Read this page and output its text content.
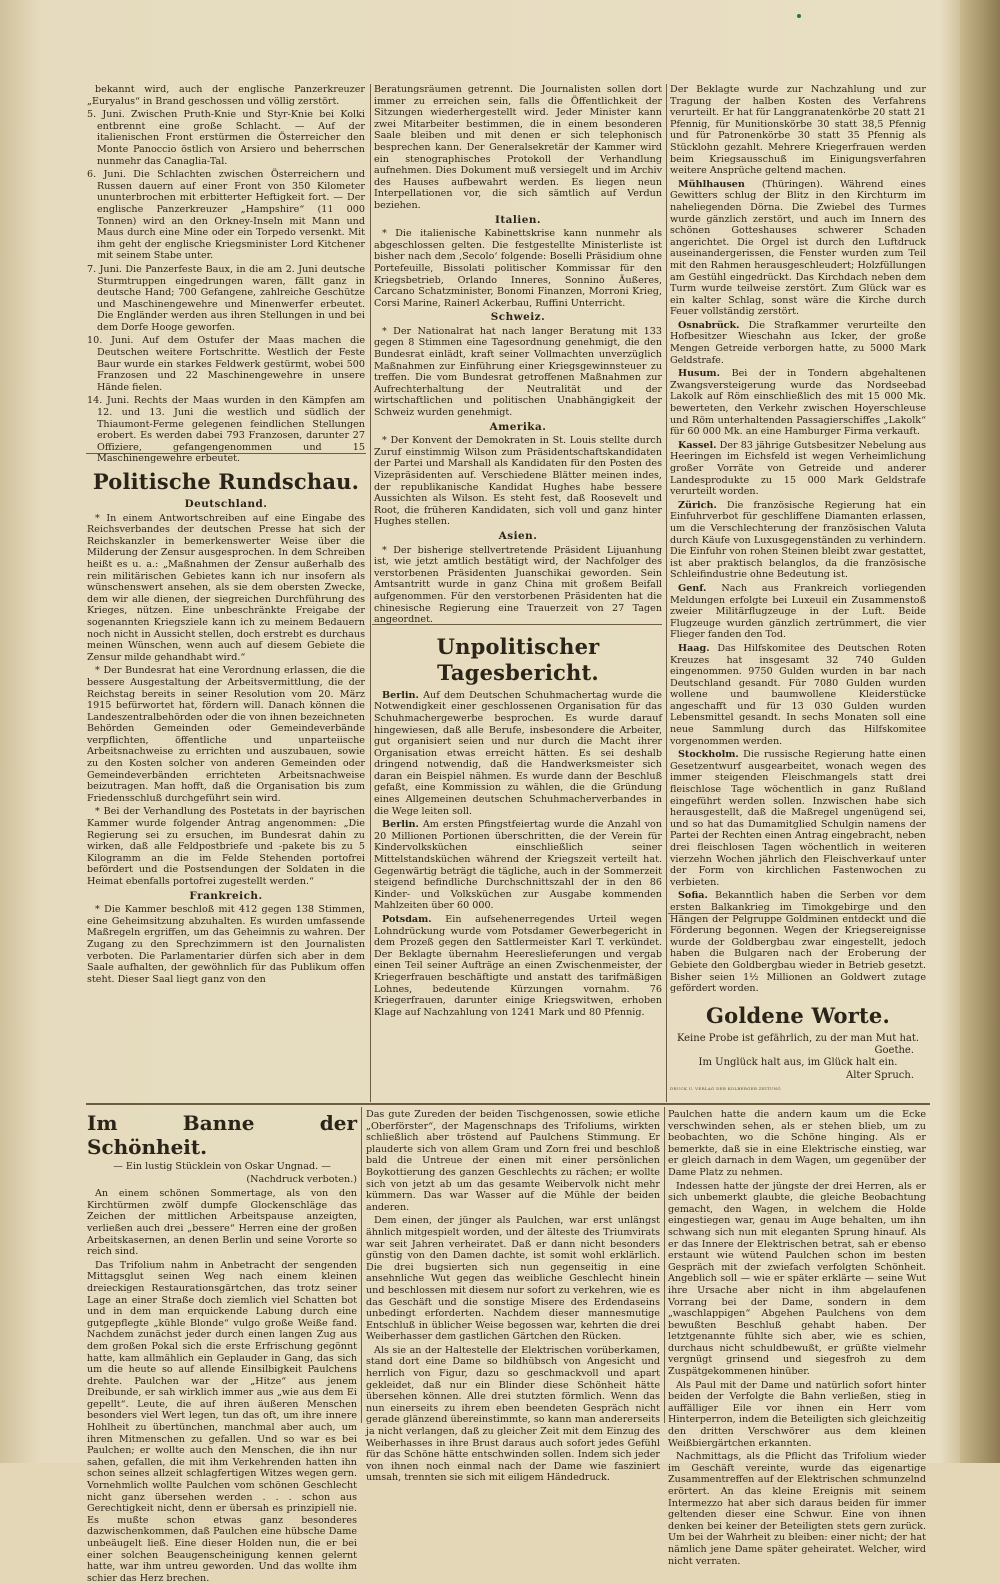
bekannt wird, auch der englische Panzerkreuzer „Euryalus“ in Brand geschossen und völlig zerstört.

5. Juni. Zwischen Pruth-Knie und Styr-Knie bei Kolki entbrennt eine große Schlacht. — Auf der italienischen Front erstürmen die Österreicher den Monte Panoccio östlich von Arsiero und beherrschen nunmehr das Canaglia-Tal.

6. Juni. Die Schlachten zwischen Österreichern und Russen dauern auf einer Front von 350 Kilometer ununterbrochen mit erbitterter Heftigkeit fort. — Der englische Panzerkreuzer „Hampshire“ (11 000 Tonnen) wird an den Orkney-Inseln mit Mann und Maus durch eine Mine oder ein Torpedo versenkt. Mit ihm geht der englische Kriegsminister Lord Kitchener mit seinem Stabe unter.

7. Juni. Die Panzerfeste Baux, in die am 2. Juni deutsche Sturmtruppen eingedrungen waren, fällt ganz in deutsche Hand; 700 Gefangene, zahlreiche Geschütze und Maschinengewehre und Minenwerfer erbeutet. Die Engländer werden aus ihren Stellungen in und bei dem Dorfe Hooge geworfen.

10. Juni. Auf dem Ostufer der Maas machen die Deutschen weitere Fortschritte. Westlich der Feste Baur wurde ein starkes Feldwerk gestürmt, wobei 500 Franzosen und 22 Maschinengewehre in unsere Hände fielen.

14. Juni. Rechts der Maas wurden in den Kämpfen am 12. und 13. Juni die westlich und südlich der Thiaumont-Ferme gelegenen feindlichen Stellungen erobert. Es werden dabei 793 Franzosen, darunter 27 Offiziere, gefangengenommen und 15 Maschinengewehre erbeutet.

Politische Rundschau.
Deutschland.

* In einem Antwortschreiben auf eine Eingabe des Reichsverbandes der deutschen Presse hat sich der Reichskanzler in bemerkenswerter Weise über die Milderung der Zensur ausgesprochen. In dem Schreiben heißt es u. a.: „Maßnahmen der Zensur außerhalb des rein militärischen Gebietes kann ich nur insofern als wünschenswert ansehen, als sie dem obersten Zwecke, dem wir alle dienen, der siegreichen Durchführung des Krieges, nützen. Eine unbeschränkte Freigabe der sogenannten Kriegsziele kann ich zu meinem Bedauern noch nicht in Aussicht stellen, doch erstrebt es durchaus meinen Wünschen, wenn auch auf diesem Gebiete die Zensur milde gehandhabt wird.“

* Der Bundesrat hat eine Verordnung erlassen, die die bessere Ausgestaltung der Arbeitsvermittlung, die der Reichstag bereits in seiner Resolution vom 20. März 1915 befürwortet hat, fördern will. Danach können die Landeszentralbehörden oder die von ihnen bezeichneten Behörden Gemeinden oder Gemeindeverbände verpflichten, öffentliche und unparteiische Arbeitsnachweise zu errichten und auszubauen, sowie zu den Kosten solcher von anderen Gemeinden oder Gemeindeverbänden errichteten Arbeitsnachweise beizutragen. Man hofft, daß die Organisation bis zum Friedensschluß durchgeführt sein wird.

* Bei der Verhandlung des Postetats in der bayrischen Kammer wurde folgender Antrag angenommen: „Die Regierung sei zu ersuchen, im Bundesrat dahin zu wirken, daß alle Feldpostbriefe und -pakete bis zu 5 Kilogramm an die im Felde Stehenden portofrei befördert und die Postsendungen der Soldaten in die Heimat ebenfalls portofrei zugestellt werden.“

Frankreich.

* Die Kammer beschloß mit 412 gegen 138 Stimmen, eine Geheimsitzung abzuhalten. Es wurden umfassende Maßregeln ergriffen, um das Geheimnis zu wahren. Der Zugang zu den Sprechzimmern ist den Journalisten verboten. Die Parlamentarier dürfen sich aber in dem Saale aufhalten, der gewöhnlich für das Publikum offen steht. Dieser Saal liegt ganz von den

Beratungsräumen getrennt. Die Journalisten sollen dort immer zu erreichen sein, falls die Öffentlichkeit der Sitzungen wiederhergestellt wird. Jeder Minister kann zwei Mitarbeiter bestimmen, die in einem besonderen Saale bleiben und mit denen er sich telephonisch besprechen kann. Der Generalsekretär der Kammer wird ein stenographisches Protokoll der Verhandlung aufnehmen. Dies Dokument muß versiegelt und im Archiv des Hauses aufbewahrt werden. Es liegen neun Interpellationen vor, die sich sämtlich auf Verdun beziehen.

Italien.

* Die italienische Kabinettskrise kann nunmehr als abgeschlossen gelten. Die festgestellte Ministerliste ist bisher nach dem ‚Secolo‘ folgende: Boselli Präsidium ohne Portefeuille, Bissolati politischer Kommissar für den Kriegsbetrieb, Orlando Inneres, Sonnino Äußeres, Carcano Schatzminister, Bonomi Finanzen, Morroni Krieg, Corsi Marine, Rainerl Ackerbau, Ruffini Unterricht.

Schweiz.

* Der Nationalrat hat nach langer Beratung mit 133 gegen 8 Stimmen eine Tagesordnung genehmigt, die den Bundesrat einlädt, kraft seiner Vollmachten unverzüglich Maßnahmen zur Einführung einer Kriegsgewinnsteuer zu treffen. Die vom Bundesrat getroffenen Maßnahmen zur Aufrechterhaltung der Neutralität und der wirtschaftlichen und politischen Unabhängigkeit der Schweiz wurden genehmigt.

Amerika.

* Der Konvent der Demokraten in St. Louis stellte durch Zuruf einstimmig Wilson zum Präsidentschaftskandidaten der Partei und Marshall als Kandidaten für den Posten des Vizepräsidenten auf. Verschiedene Blätter meinen indes, der republikanische Kandidat Hughes habe bessere Aussichten als Wilson. Es steht fest, daß Roosevelt und Root, die früheren Kandidaten, sich voll und ganz hinter Hughes stellen.

Asien.

* Der bisherige stellvertretende Präsident Lijuanhung ist, wie jetzt amtlich bestätigt wird, der Nachfolger des verstorbenen Präsidenten Juanschikai geworden. Sein Amtsantritt wurde in ganz China mit großem Beifall aufgenommen. Für den verstorbenen Präsidenten hat die chinesische Regierung eine Trauerzeit von 27 Tagen angeordnet.

Unpolitischer Tagesbericht.

Berlin. Auf dem Deutschen Schuhmachertag wurde die Notwendigkeit einer geschlossenen Organisation für das Schuhmachergewerbe besprochen. Es wurde darauf hingewiesen, daß alle Berufe, insbesondere die Arbeiter, gut organisiert seien und nur durch die Macht ihrer Organisation etwas erreicht hätten. Es sei deshalb dringend notwendig, daß die Handwerksmeister sich daran ein Beispiel nähmen. Es wurde dann der Beschluß gefaßt, eine Kommission zu wählen, die die Gründung eines Allgemeinen deutschen Schuhmacherverbandes in die Wege leiten soll.

Berlin. Am ersten Pfingstfeiertag wurde die Anzahl von 20 Millionen Portionen überschritten, die der Verein für Kindervolksküchen einschließlich seiner Mittelstandsküchen während der Kriegszeit verteilt hat. Gegenwärtig beträgt die tägliche, auch in der Sommerzeit steigend befindliche Durchschnittszahl der in den 86 Kinder- und Volksküchen zur Ausgabe kommenden Mahlzeiten über 60 000.

Potsdam. Ein aufsehenerregendes Urteil wegen Lohndrückung wurde vom Potsdamer Gewerbegericht in dem Prozeß gegen den Sattlermeister Karl T. verkündet. Der Beklagte übernahm Heereslieferungen und vergab einen Teil seiner Aufträge an einen Zwischenmeister, der Kriegerfrauen beschäftigte und anstatt des tarifmäßigen Lohnes, bedeutende Kürzungen vornahm. 76 Kriegerfrauen, darunter einige Kriegswitwen, erhoben Klage auf Nachzahlung von 1241 Mark und 80 Pfennig.

Der Beklagte wurde zur Nachzahlung und zur Tragung der halben Kosten des Verfahrens verurteilt. Er hat für Langgranatenkörbe 20 statt 21 Pfennig, für Munitionskörbe 30 statt 38,5 Pfennig und für Patronenkörbe 30 statt 35 Pfennig als Stücklohn gezahlt. Mehrere Kriegerfrauen werden beim Kriegsausschuß im Einigungsverfahren weitere Ansprüche geltend machen.

Mühlhausen (Thüringen). Während eines Gewitters schlug der Blitz in den Kirchturm im naheliegenden Dörna. Die Zwiebel des Turmes wurde gänzlich zerstört, und auch im Innern des schönen Gotteshauses schwerer Schaden angerichtet. Die Orgel ist durch den Luftdruck auseinandergerissen, die Fenster wurden zum Teil mit den Rahmen herausgeschleudert; Holzfüllungen am Gestühl eingedrückt. Das Kirchdach neben dem Turm wurde teilweise zerstört. Zum Glück war es ein kalter Schlag, sonst wäre die Kirche durch Feuer vollständig zerstört.

Osnabrück. Die Strafkammer verurteilte den Hofbesitzer Wieschahn aus Icker, der große Mengen Getreide verborgen hatte, zu 5000 Mark Geldstrafe.

Husum. Bei der in Tondern abgehaltenen Zwangsversteigerung wurde das Nordseebad Lakolk auf Röm einschließlich des mit 15 000 Mk. bewerteten, den Verkehr zwischen Hoyerschleuse und Röm unterhaltenden Passagierschiffes „Lakolk“ für 60 000 Mk. an eine Hamburger Firma verkauft.

Kassel. Der 83 jährige Gutsbesitzer Nebelung aus Heeringen im Eichsfeld ist wegen Verheimlichung großer Vorräte von Getreide und anderer Landesprodukte zu 15 000 Mark Geldstrafe verurteilt worden.

Zürich. Die französische Regierung hat ein Einfuhrverbot für geschliffene Diamanten erlassen, um die Verschlechterung der französischen Valuta durch Käufe von Luxusgegenständen zu verhindern. Die Einfuhr von rohen Steinen bleibt zwar gestattet, ist aber praktisch belanglos, da die französische Schleifindustrie ohne Bedeutung ist.

Genf. Nach aus Frankreich vorliegenden Meldungen erfolgte bei Luxeuil ein Zusammenstoß zweier Militärflugzeuge in der Luft. Beide Flugzeuge wurden gänzlich zertrümmert, die vier Flieger fanden den Tod.

Haag. Das Hilfskomitee des Deutschen Roten Kreuzes hat insgesamt 32 740 Gulden eingenommen. 9750 Gulden wurden in bar nach Deutschland gesandt. Für 7080 Gulden wurden wollene und baumwollene Kleiderstücke angeschafft und für 13 030 Gulden wurden Lebensmittel gesandt. In sechs Monaten soll eine neue Sammlung durch das Hilfskomitee vorgenommen werden.

Stockholm. Die russische Regierung hatte einen Gesetzentwurf ausgearbeitet, wonach wegen des immer steigenden Fleischmangels statt drei fleischlose Tage wöchentlich in ganz Rußland eingeführt werden sollen. Inzwischen habe sich herausgestellt, daß die Maßregel ungenügend sei, und so hat das Dumamitglied Schulgin namens der Partei der Rechten einen Antrag eingebracht, neben drei fleischlosen Tagen wöchentlich in weiteren vierzehn Wochen jährlich den Fleischverkauf unter der Form von kirchlichen Fastenwochen zu verbieten.

Sofia. Bekanntlich haben die Serben vor dem ersten Balkankrieg im Timokgebirge und den Hängen der Pelgruppe Goldminen entdeckt und die Förderung begonnen. Wegen der Kriegsereignisse wurde der Goldbergbau zwar eingestellt, jedoch haben die Bulgaren nach der Eroberung der Gebiete den Goldbergbau wieder in Betrieb gesetzt. Bisher seien 1½ Millionen an Goldwert zutage gefördert worden.

Goldene Worte.
Keine Probe ist gefährlich, zu der man Mut hat.
Goethe.
Im Unglück halt aus, im Glück halt ein.
Alter Spruch.
DRUCK U. VERLAG DER KOLBERGER ZEITUNG
Im Banne der Schönheit.
— Ein lustig Stücklein von Oskar Ungnad. —
(Nachdruck verboten.)

An einem schönen Sommertage, als von den Kirchtürmen zwölf dumpfe Glockenschläge das Zeichen der mittlichen Arbeitspause anzeigten, verließen auch drei „bessere“ Herren eine der großen Arbeitskasernen, an denen Berlin und seine Vororte so reich sind.

Das Trifolium nahm in Anbetracht der sengenden Mittagsglut seinen Weg nach einem kleinen dreieckigen Restaurationsgärtchen, das trotz seiner Lage an einer Straße doch ziemlich viel Schatten bot und in dem man erquickende Labung durch eine gutgepflegte „kühle Blonde“ vulgo große Weiße fand. Nachdem zunächst jeder durch einen langen Zug aus dem großen Pokal sich die erste Erfrischung gegönnt hatte, kam allmählich ein Geplauder in Gang, das sich um die heute so auf allende Einsilbigkeit Paulchens drehte. Paulchen war der „Hitze“ aus jenem Dreibunde, er sah wirklich immer aus „wie aus dem Ei gepellt“. Leute, die auf ihren äußeren Menschen besonders viel Wert legen, tun das oft, um ihre innere Hohlheit zu übertünchen, manchmal aber auch, um ihren Mitmenschen zu gefallen. Und so war es bei Paulchen; er wollte auch den Menschen, die ihn nur sahen, gefallen, die mit ihm Verkehrenden hatten ihn schon seines allzeit schlagfertigen Witzes wegen gern. Vornehmlich wollte Paulchen vom schönen Geschlecht nicht ganz übersehen werden . . . schon aus Gerechtigkeit nicht, denn er übersah es prinzipiell nie. Es mußte schon etwas ganz besonderes dazwischenkommen, daß Paulchen eine hübsche Dame unbeäugelt ließ. Eine dieser Holden nun, die er bei einer solchen Beaugenscheinigung kennen gelernt hatte, war ihm untreu geworden. Und das wollte ihm schier das Herz brechen.

Das gute Zureden der beiden Tischgenossen, sowie etliche „Oberförster“, der Magenschnaps des Trifoliums, wirkten schließlich aber tröstend auf Paulchens Stimmung. Er plauderte sich von allem Gram und Zorn frei und beschloß bald die Untreue der einen mit einer persönlichen Boykottierung des ganzen Geschlechts zu rächen; er wollte sich von jetzt ab um das gesamte Weibervolk nicht mehr kümmern. Das war Wasser auf die Mühle der beiden anderen.

Dem einen, der jünger als Paulchen, war erst unlängst ähnlich mitgespielt worden, und der älteste des Triumvirats war seit Jahren verheiratet. Daß er dann nicht besonders günstig von den Damen dachte, ist somit wohl erklärlich. Die drei bugsierten sich nun gegenseitig in eine ansehnliche Wut gegen das weibliche Geschlecht hinein und beschlossen mit diesem nur sofort zu verkehren, wie es das Geschäft und die sonstige Misere des Erdendaseins unbedingt erforderten. Nachdem dieser mannesmutige Entschluß in üblicher Weise begossen war, kehrten die drei Weiberhasser dem gastlichen Gärtchen den Rücken.

Als sie an der Haltestelle der Elektrischen vorüberkamen, stand dort eine Dame so bildhübsch von Angesicht und herrlich von Figur, dazu so geschmackvoll und apart gekleidet, daß nur ein Blinder diese Schönheit hätte übersehen können. Alle drei stutzten förmlich. Wenn das nun einerseits zu ihrem eben beendeten Gespräch nicht gerade glänzend übereinstimmte, so kann man andererseits ja nicht verlangen, daß zu gleicher Zeit mit dem Einzug des Weiberhasses in ihre Brust daraus auch sofort jedes Gefühl für das Schöne hätte entschwinden sollen. Indem sich jeder von ihnen noch einmal nach der Dame wie fasziniert umsah, trennten sie sich mit eiligem Händedruck.

Paulchen hatte die andern kaum um die Ecke verschwinden sehen, als er stehen blieb, um zu beobachten, wo die Schöne hinging. Als er bemerkte, daß sie in eine Elektrische einstieg, war er gleich darnach in dem Wagen, um gegenüber der Dame Platz zu nehmen.

Indessen hatte der jüngste der drei Herren, als er sich unbemerkt glaubte, die gleiche Beobachtung gemacht, den Wagen, in welchem die Holde eingestiegen war, genau im Auge behalten, um ihn schwang sich nun mit eleganten Sprung hinauf. Als er das Innere der Elektrischen betrat, sah er ebenso erstaunt wie wütend Paulchen schon im besten Gespräch mit der zwiefach verfolgten Schönheit. Angeblich soll — wie er später erklärte — seine Wut ihre Ursache aber nicht in ihm abgelaufenen Vorrang bei der Dame, sondern in dem „waschlappigen“ Abgehen Paulchens von dem bewußten Beschluß gehabt haben. Der letztgenannte fühlte sich aber, wie es schien, durchaus nicht schuldbewußt, er grüßte vielmehr vergnügt grinsend und siegesfroh zu dem Zuspätgekommenen hinüber.

Als Paul mit der Dame und natürlich sofort hinter beiden der Verfolgte die Bahn verließen, stieg in auffälliger Eile vor ihnen ein Herr vom Hinterperron, indem die Beteiligten sich gleichzeitig den dritten Verschwörer aus dem kleinen Weißbiergärtchen erkannten.

Nachmittags, als die Pflicht das Trifolium wieder im Geschäft vereinte, wurde das eigenartige Zusammentreffen auf der Elektrischen schmunzelnd erörtert. An das kleine Ereignis mit seinem Intermezzo hat aber sich daraus beiden für immer geltenden dieser eine Schwur. Eine von ihnen denken bei keiner der Beteiligten stets gern zurück. Um bei der Wahrheit zu bleiben: einer nicht; der hat nämlich jene Dame später geheiratet. Welcher, wird nicht verraten.
